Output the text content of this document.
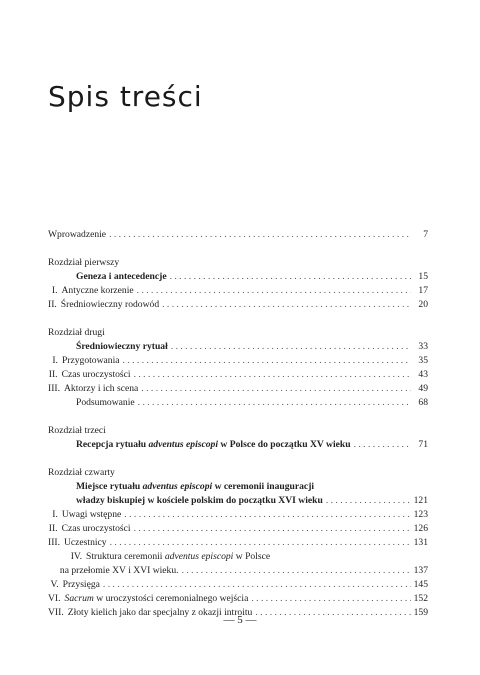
Spis treści
Wprowadzenie . . .	7
Rozdział pierwszy
Geneza i antecedencje . . .	15
I. Antyczne korzenie . . .	17
II. Średniowieczny rodowód . . .	20
Rozdział drugi
Średniowieczny rytuał . . .	33
I. Przygotowania . . .	35
II. Czas uroczystości . . .	43
III. Aktorzy i ich scena . . .	49
Podsumowanie . . .	68
Rozdział trzeci
Recepcja rytuału adventus episcopi w Polsce do początku XV wieku . . .	71
Rozdział czwarty
Miejsce rytuału adventus episcopi w ceremonii inauguracji
władzy biskupiej w kościele polskim do początku XVI wieku . . .	121
I. Uwagi wstępne . . .	123
II. Czas uroczystości . . .	126
III. Uczestnicy . . .	131
IV. Struktura ceremonii adventus episcopi w Polsce
na przełomie XV i XVI wieku. . . .	137
V. Przysięga . . .	145
VI. Sacrum w uroczystości ceremonialnego wejścia . . .	152
VII. Złoty kielich jako dar specjalny z okazji introitu . . .	159
— 5 —
